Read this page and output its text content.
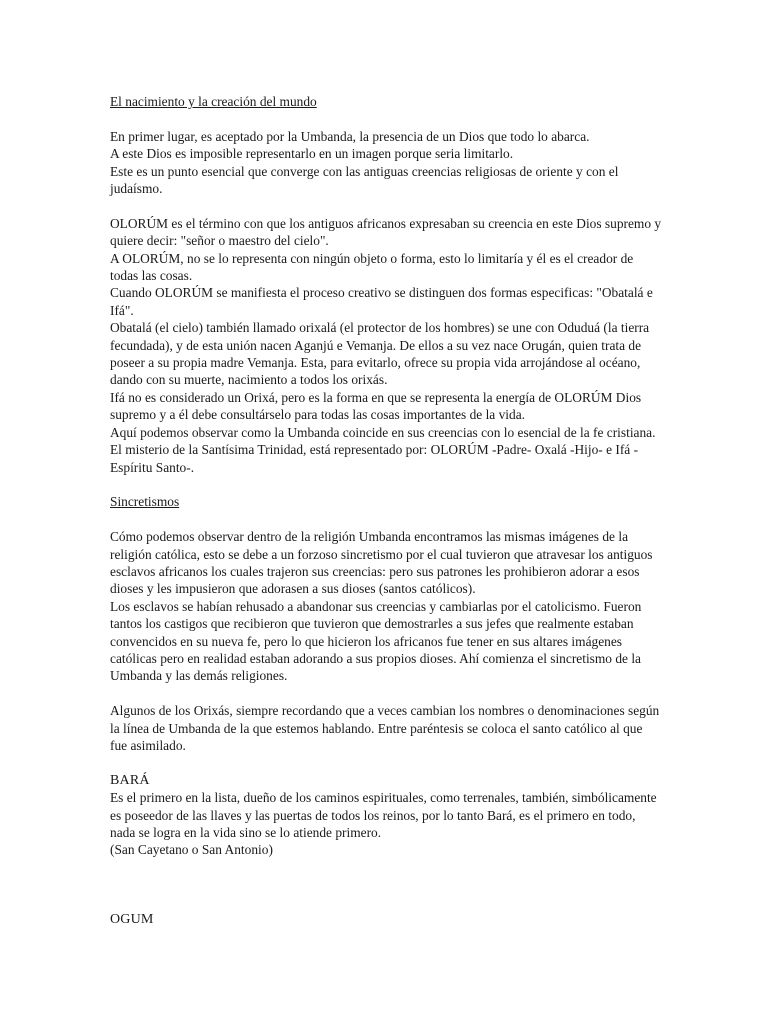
El nacimiento y la creación del mundo

En primer lugar, es aceptado por la Umbanda, la presencia de un Dios que todo lo abarca.
A este Dios es imposible representarlo en un imagen porque seria limitarlo.
Este es un punto esencial que converge con las antiguas creencias religiosas de oriente y con el judaísmo.

OLORÚM es el término con que los antiguos africanos expresaban su creencia en este Dios supremo y quiere decir: "señor o maestro del cielo".
A OLORÚM, no se lo representa con ningún objeto o forma, esto lo limitaría y él es el creador de todas las cosas.
Cuando OLORÚM se manifiesta el proceso creativo se distinguen dos formas especificas: "Obatalá e Ifá".
Obatalá (el cielo) también llamado orixalá (el protector de los hombres) se une con Oduduá (la tierra fecundada), y de esta unión nacen Aganjú e Vemanja. De ellos a su vez nace Orugán, quien trata de poseer a su propia madre Vemanja. Esta, para evitarlo, ofrece su propia vida arrojándose al océano, dando con su muerte, nacimiento a todos los orixás.
Ifá no es considerado un Orixá, pero es la forma en que se representa la energía de OLORÚM Dios supremo y a él debe consultárselo para todas las cosas importantes de la vida.
Aquí podemos observar como la Umbanda coincide en sus creencias con lo esencial de la fe cristiana. El misterio de la Santísima Trinidad, está representado por: OLORÚM -Padre- Oxalá -Hijo- e Ifá -Espíritu Santo-.

Sincretismos

Cómo podemos observar dentro de la religión Umbanda encontramos las mismas imágenes de la religión católica, esto se debe a un forzoso sincretismo por el cual tuvieron que atravesar los antiguos esclavos africanos los cuales trajeron sus creencias: pero sus patrones les prohibieron adorar a esos dioses y les impusieron que adorasen a sus dioses (santos católicos).
Los esclavos se habían rehusado a abandonar sus creencias y cambiarlas por el catolicismo. Fueron tantos los castigos que recibieron que tuvieron que demostrarles a sus jefes que realmente estaban convencidos en su nueva fe, pero lo que hicieron los africanos fue tener en sus altares imágenes católicas pero en realidad estaban adorando a sus propios dioses. Ahí comienza el sincretismo de la Umbanda y las demás religiones.

Algunos de los Orixás, siempre recordando que a veces cambian los nombres o denominaciones según la línea de Umbanda de la que estemos hablando. Entre paréntesis se coloca el santo católico al que fue asimilado.

BARÁ

Es el primero en la lista, dueño de los caminos espirituales, como terrenales, también, simbólicamente es poseedor de las llaves y las puertas de todos los reinos, por lo tanto Bará, es el primero en todo, nada se logra en la vida sino se lo atiende primero.
(San Cayetano o San Antonio)

OGUM
